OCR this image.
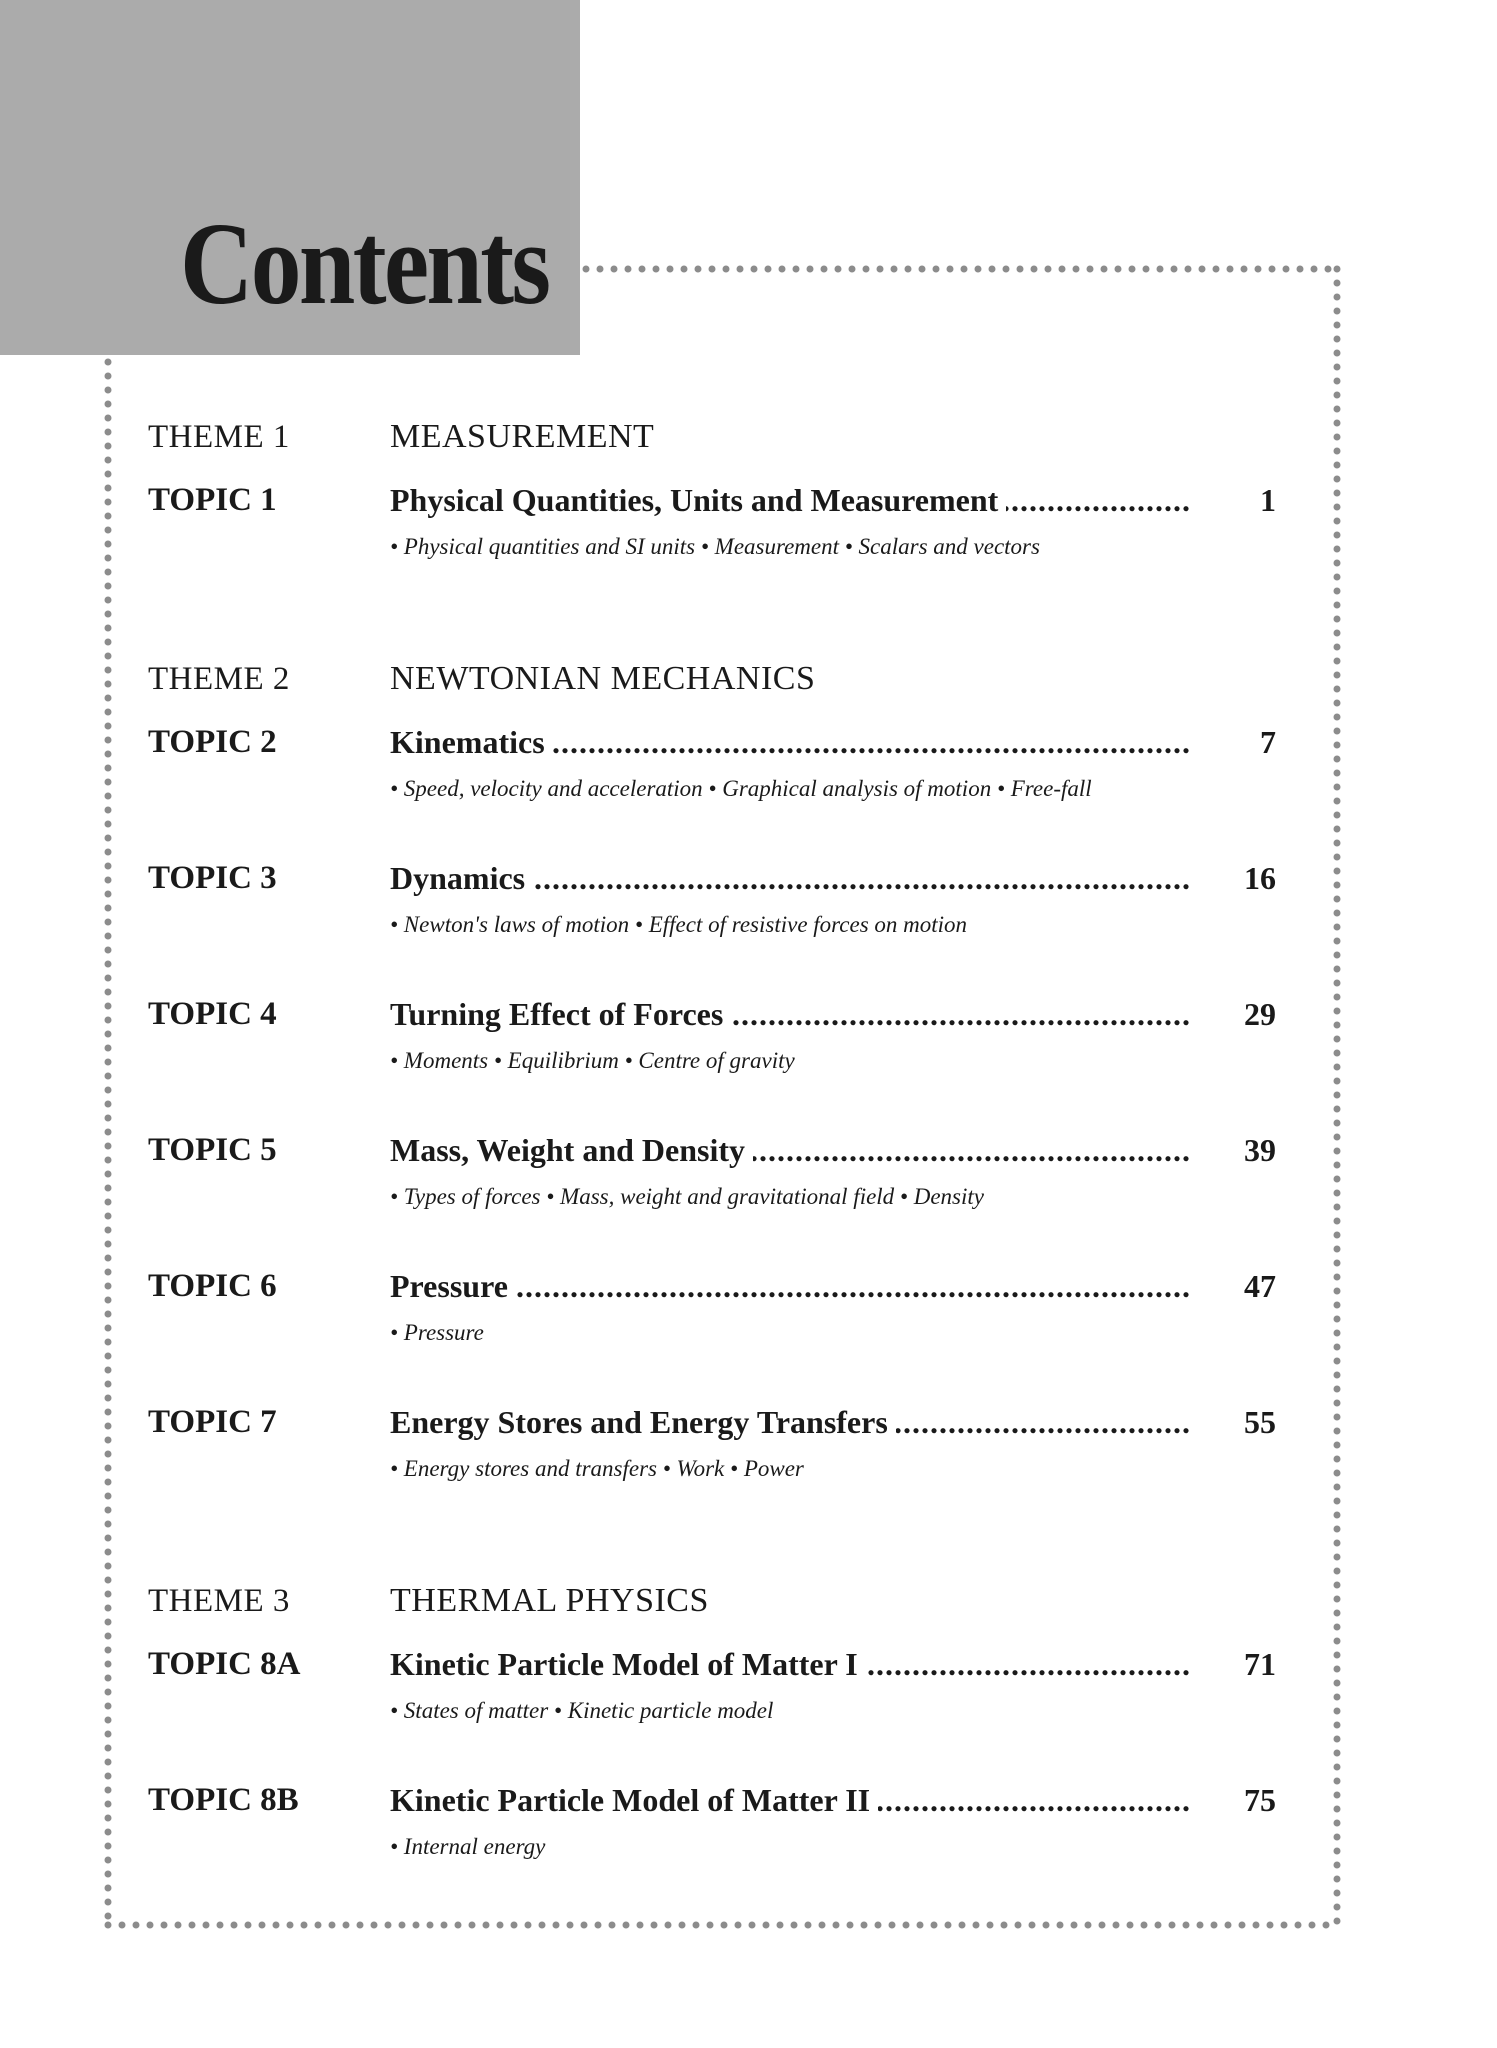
Contents
THEME 1	MEASUREMENT
TOPIC 1 .....	Physical Quantities, Units and Measurement	1
• Physical quantities and SI units • Measurement • Scalars and vectors
THEME 2	NEWTONIAN MECHANICS
TOPIC 2 .....	Kinematics	7
• Speed, velocity and acceleration • Graphical analysis of motion • Free-fall
TOPIC 3 .....	Dynamics	16
• Newton's laws of motion • Effect of resistive forces on motion
TOPIC 4 .....	Turning Effect of Forces	29
• Moments • Equilibrium • Centre of gravity
TOPIC 5 .....	Mass, Weight and Density	39
• Types of forces • Mass, weight and gravitational field • Density
TOPIC 6 .....	Pressure	47
• Pressure
TOPIC 7 .....	Energy Stores and Energy Transfers	55
• Energy stores and transfers • Work • Power
THEME 3	THERMAL PHYSICS
TOPIC 8A .....	Kinetic Particle Model of Matter I	71
• States of matter • Kinetic particle model
TOPIC 8B .....	Kinetic Particle Model of Matter II	75
• Internal energy
